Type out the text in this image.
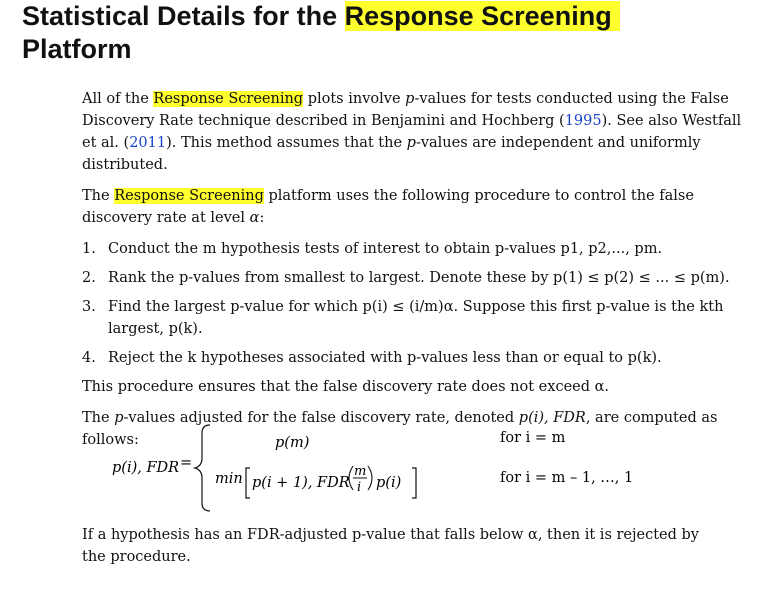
Statistical Details for the Response Screening
Platform

All of the Response Screening plots involve p-values for tests conducted using the False Discovery Rate technique described in Benjamini and Hochberg (1995). See also Westfall et al. (2011). This method assumes that the p-values are independent and uniformly distributed.

The Response Screening platform uses the following procedure to control the false discovery rate at level α:

1. Conduct the m hypothesis tests of interest to obtain p-values p1, p2,..., pm.
2. Rank the p-values from smallest to largest. Denote these by p(1) ≤ p(2) ≤ ... ≤ p(m).
3. Find the largest p-value for which p(i) ≤ (i/m)α. Suppose this first p-value is the kth largest, p(k).
4. Reject the k hypotheses associated with p-values less than or equal to p(k).

This procedure ensures that the false discovery rate does not exceed α.

The p-values adjusted for the false discovery rate, denoted p(i), FDR, are computed as follows:

p(i), FDR =
p(m)	for i = m
min p(i + 1), FDR
m
i p(i)	for i = m – 1, …, 1

If a hypothesis has an FDR-adjusted p-value that falls below α, then it is rejected by the procedure.
